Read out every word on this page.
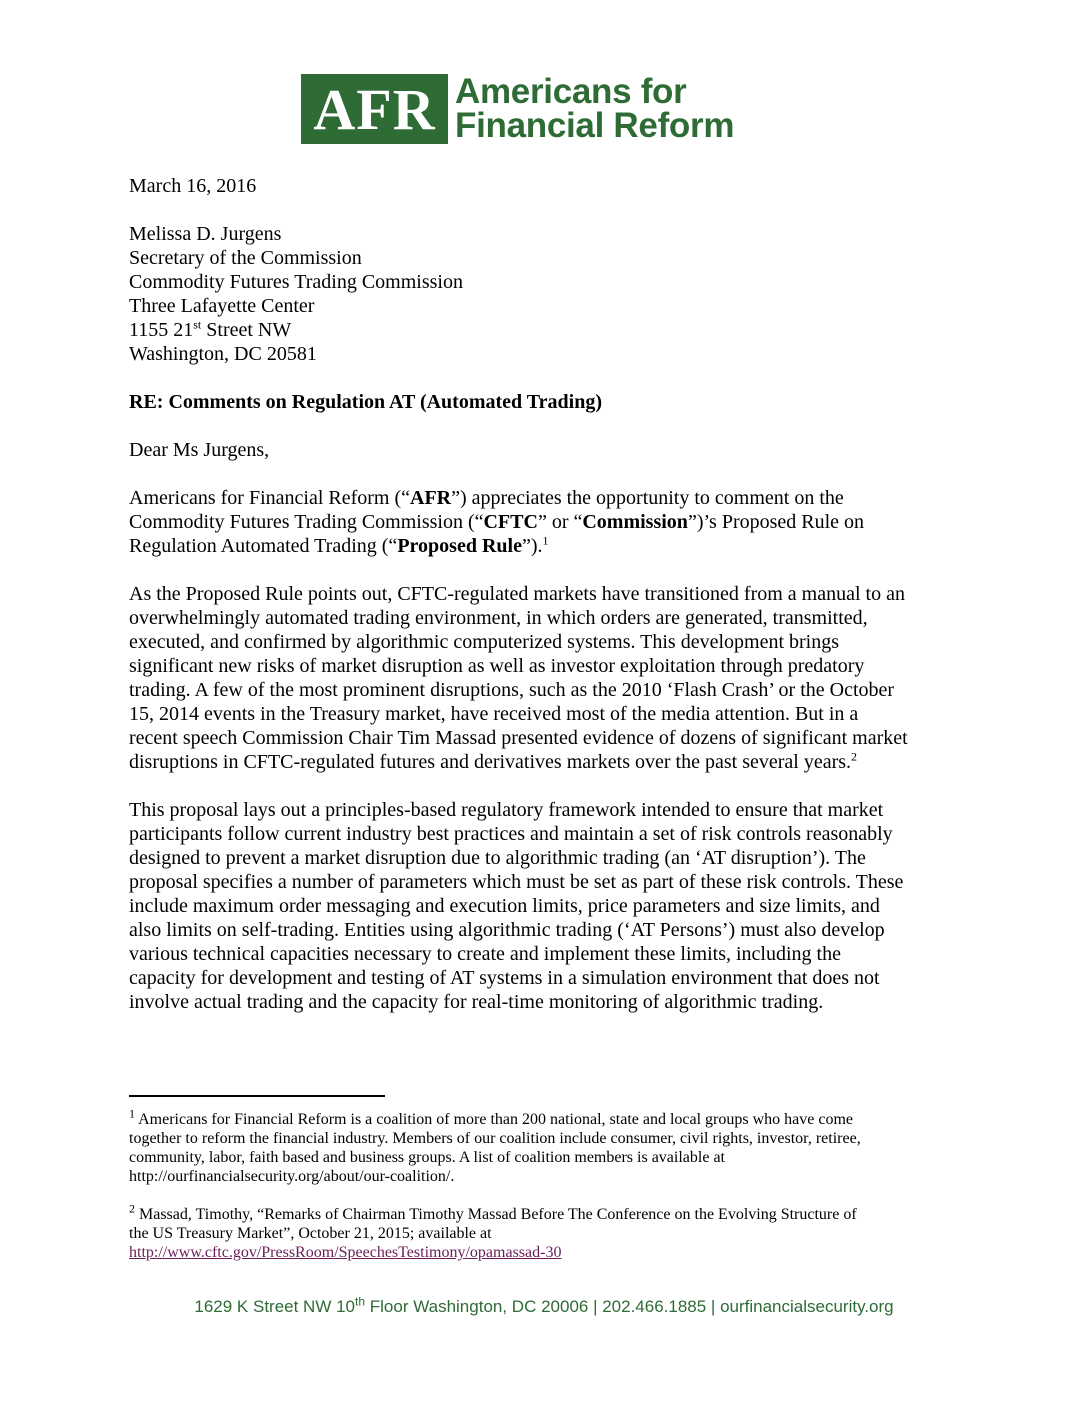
AFR Americans for
Financial Reform
March 16, 2016
Melissa D. Jurgens
Secretary of the Commission
Commodity Futures Trading Commission
Three Lafayette Center
1155 21st Street NW
Washington, DC 20581
RE: Comments on Regulation AT (Automated Trading)
Dear Ms Jurgens,
Americans for Financial Reform (“AFR”) appreciates the opportunity to comment on the
Commodity Futures Trading Commission (“CFTC” or “Commission”)’s Proposed Rule on
Regulation Automated Trading (“Proposed Rule”).$^1$
As the Proposed Rule points out, CFTC-regulated markets have transitioned from a manual to an
overwhelmingly automated trading environment, in which orders are generated, transmitted,
executed, and confirmed by algorithmic computerized systems. This development brings
significant new risks of market disruption as well as investor exploitation through predatory
trading. A few of the most prominent disruptions, such as the 2010 ‘Flash Crash’ or the October
15, 2014 events in the Treasury market, have received most of the media attention. But in a
recent speech Commission Chair Tim Massad presented evidence of dozens of significant market
disruptions in CFTC-regulated futures and derivatives markets over the past several years.$^2$
This proposal lays out a principles-based regulatory framework intended to ensure that market
participants follow current industry best practices and maintain a set of risk controls reasonably
designed to prevent a market disruption due to algorithmic trading (an ‘AT disruption’). The
proposal specifies a number of parameters which must be set as part of these risk controls. These
include maximum order messaging and execution limits, price parameters and size limits, and
also limits on self-trading. Entities using algorithmic trading (‘AT Persons’) must also develop
various technical capacities necessary to create and implement these limits, including the
capacity for development and testing of AT systems in a simulation environment that does not
involve actual trading and the capacity for real-time monitoring of algorithmic trading.
$^1$ Americans for Financial Reform is a coalition of more than 200 national, state and local groups who have come
together to reform the financial industry. Members of our coalition include consumer, civil rights, investor, retiree,
community, labor, faith based and business groups. A list of coalition members is available at
http://ourfinancialsecurity.org/about/our-coalition/.
$^2$ Massad, Timothy, “Remarks of Chairman Timothy Massad Before The Conference on the Evolving Structure of
the US Treasury Market”, October 21, 2015; available at
http://www.cftc.gov/PressRoom/SpeechesTestimony/opamassad-30
1629 K Street NW 10th Floor Washington, DC 20006 | 202.466.1885 | ourfinancialsecurity.org
